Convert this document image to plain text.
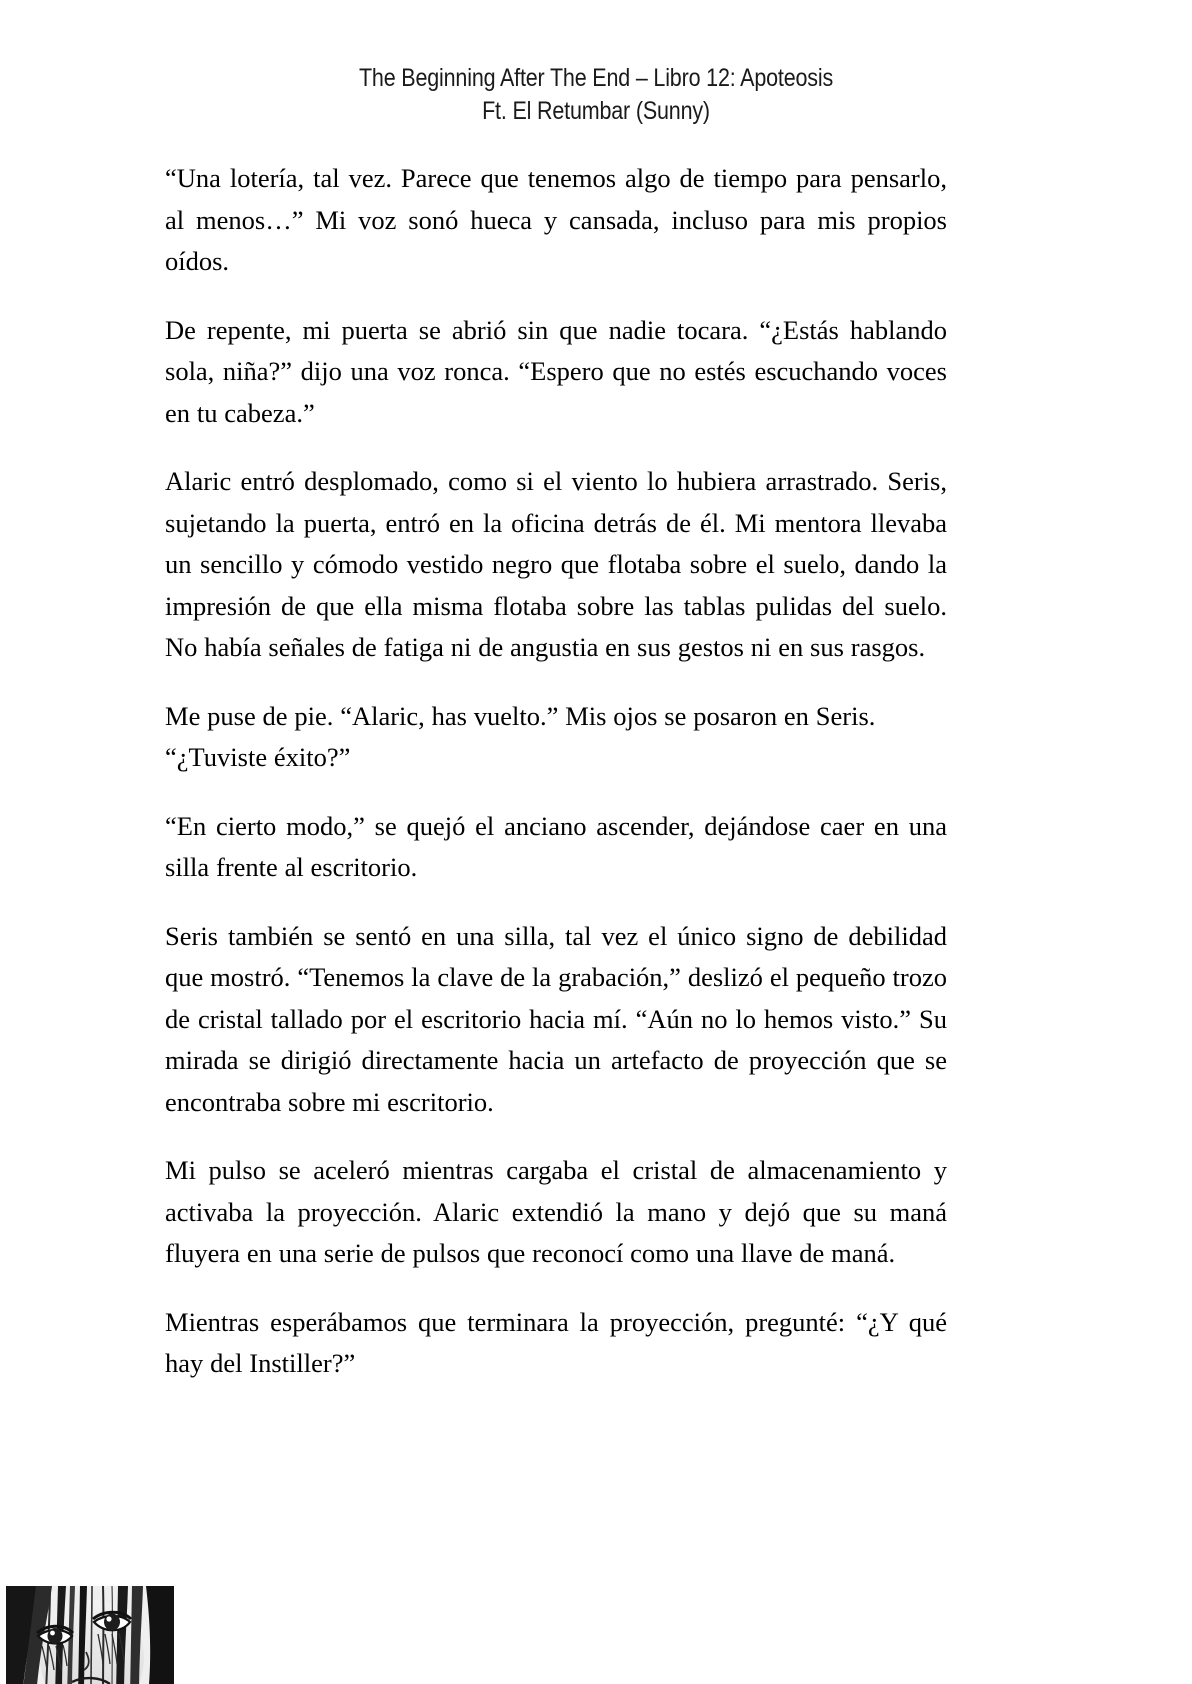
The Beginning After The End – Libro 12: Apoteosis
Ft. El Retumbar (Sunny)

“Una lotería, tal vez. Parece que tenemos algo de tiempo para pensarlo, al menos…” Mi voz sonó hueca y cansada, incluso para mis propios oídos.

De repente, mi puerta se abrió sin que nadie tocara. “¿Estás hablando sola, niña?” dijo una voz ronca. “Espero que no estés escuchando voces en tu cabeza.”

Alaric entró desplomado, como si el viento lo hubiera arrastrado. Seris, sujetando la puerta, entró en la oficina detrás de él. Mi mentora llevaba un sencillo y cómodo vestido negro que flotaba sobre el suelo, dando la impresión de que ella misma flotaba sobre las tablas pulidas del suelo. No había señales de fatiga ni de angustia en sus gestos ni en sus rasgos.

Me puse de pie. “Alaric, has vuelto.” Mis ojos se posaron en Seris. “¿Tuviste éxito?”

“En cierto modo,” se quejó el anciano ascender, dejándose caer en una silla frente al escritorio.

Seris también se sentó en una silla, tal vez el único signo de debilidad que mostró. “Tenemos la clave de la grabación,” deslizó el pequeño trozo de cristal tallado por el escritorio hacia mí. “Aún no lo hemos visto.” Su mirada se dirigió directamente hacia un artefacto de proyección que se encontraba sobre mi escritorio.

Mi pulso se aceleró mientras cargaba el cristal de almacenamiento y activaba la proyección. Alaric extendió la mano y dejó que su maná fluyera en una serie de pulsos que reconocí como una llave de maná.

Mientras esperábamos que terminara la proyección, pregunté: “¿Y qué hay del Instiller?”
